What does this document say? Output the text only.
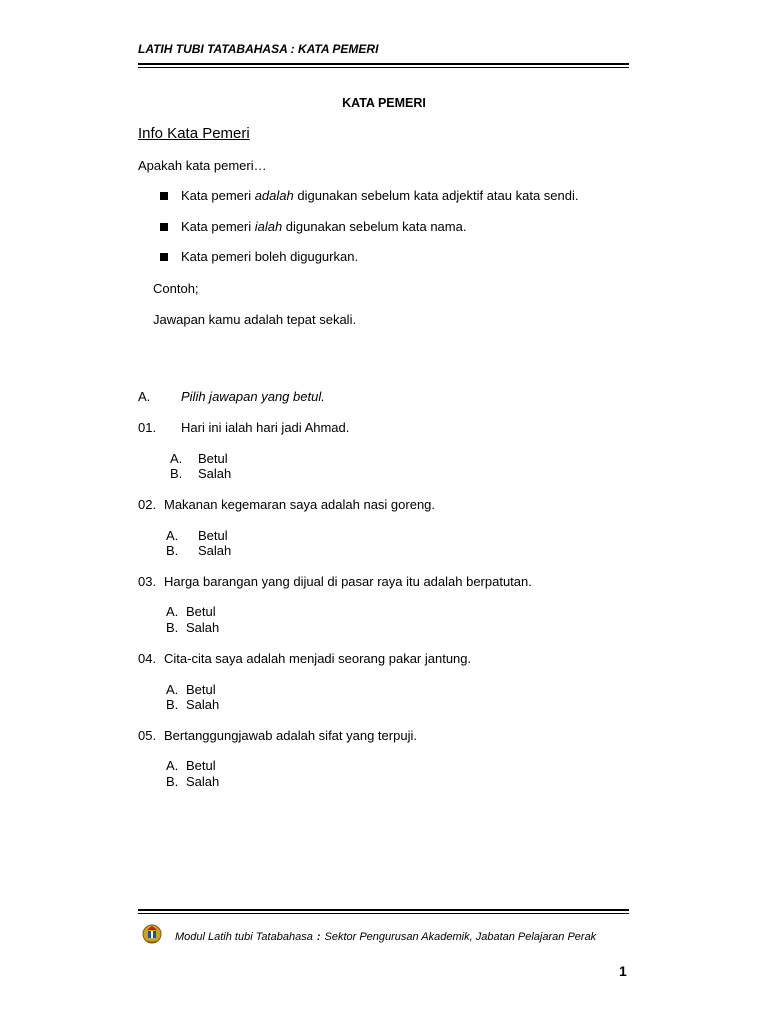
LATIH TUBI TATABAHASA : KATA PEMERI
KATA PEMERI
Info Kata Pemeri
Apakah kata pemeri…
Kata pemeri adalah digunakan sebelum kata adjektif atau kata sendi.
Kata pemeri ialah digunakan sebelum kata nama.
Kata pemeri boleh digugurkan.
Contoh;
Jawapan kamu adalah tepat sekali.
A. Pilih jawapan yang betul.
01. Hari ini ialah hari jadi Ahmad.
A. Betul
B. Salah
02. Makanan kegemaran saya adalah nasi goreng.
A. Betul
B. Salah
03. Harga barangan yang dijual di pasar raya itu adalah berpatutan.
A. Betul
B. Salah
04. Cita-cita saya adalah menjadi seorang pakar jantung.
A. Betul
B. Salah
05. Bertanggungjawab adalah sifat yang terpuji.
A. Betul
B. Salah
Modul Latih tubi Tatabahasa : Sektor Pengurusan Akademik, Jabatan Pelajaran Perak
1
